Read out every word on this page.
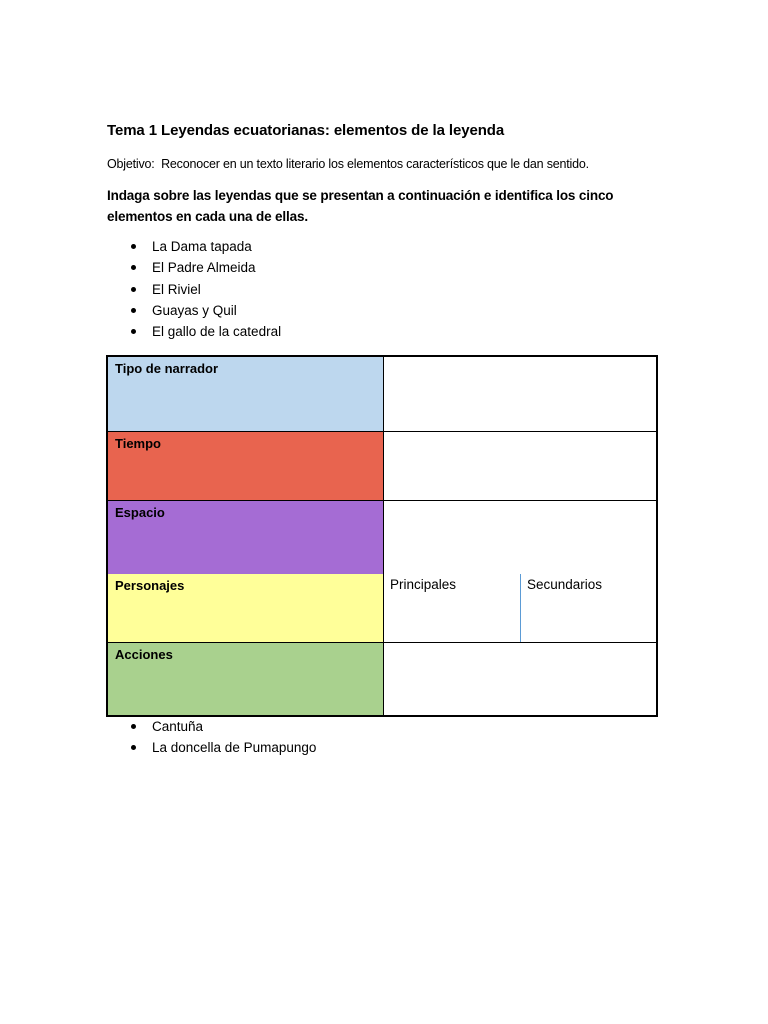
Tema 1 Leyendas ecuatorianas: elementos de la leyenda
Objetivo:  Reconocer en un texto literario los elementos característicos que le dan sentido.
Indaga sobre las leyendas que se presentan a continuación e identifica los cinco elementos en cada una de ellas.
La Dama tapada
El Padre Almeida
El Riviel
Guayas y Quil
El gallo de la catedral
Tipo de narrador
Tiempo
Espacio
Personajes	Principales	Secundarios
Acciones
Cantuña
La doncella de Pumapungo
